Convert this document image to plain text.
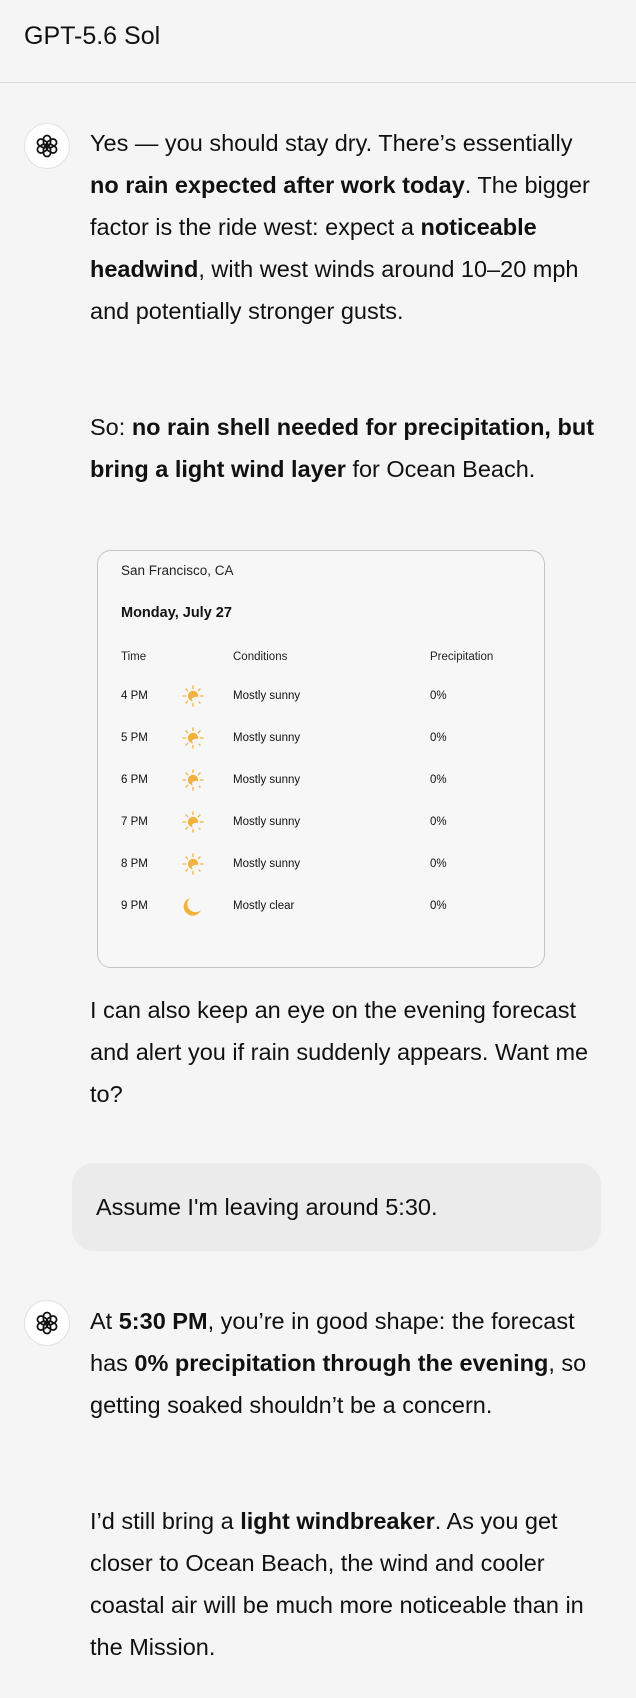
GPT-5.6 Sol

Yes — you should stay dry. There’s essentially no rain expected after work today. The bigger factor is the ride west: expect a noticeable headwind, with west winds around 10–20 mph and potentially stronger gusts.

So: no rain shell needed for precipitation, but bring a light wind layer for Ocean Beach.

San Francisco, CA
Monday, July 27
Time	Conditions	Precipitation
4 PM	Mostly sunny	0%
5 PM	Mostly sunny	0%
6 PM	Mostly sunny	0%
7 PM	Mostly sunny	0%
8 PM	Mostly sunny	0%
9 PM	Mostly clear	0%

I can also keep an eye on the evening forecast and alert you if rain suddenly appears. Want me to?

Assume I'm leaving around 5:30.

At 5:30 PM, you’re in good shape: the forecast has 0% precipitation through the evening, so getting soaked shouldn’t be a concern.

I’d still bring a light windbreaker. As you get closer to Ocean Beach, the wind and cooler coastal air will be much more noticeable than in the Mission.
